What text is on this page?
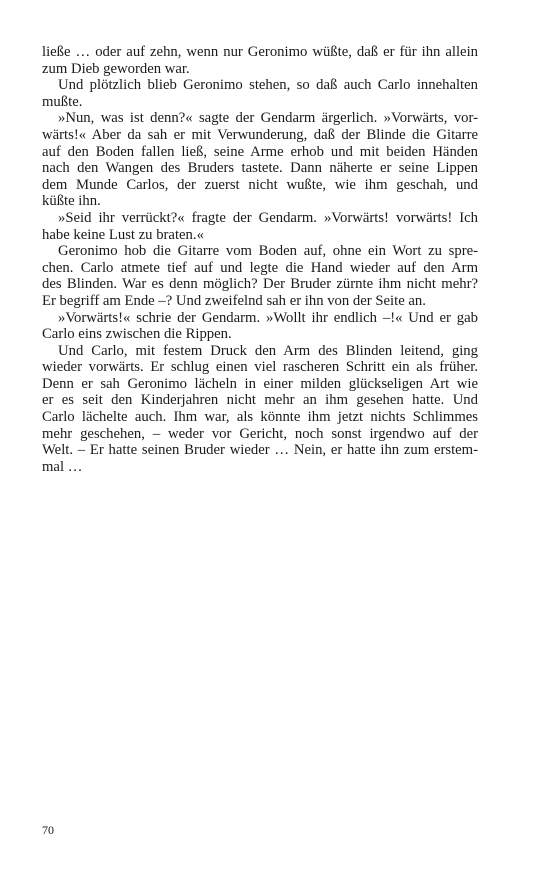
ließe … oder auf zehn, wenn nur Geronimo wüßte, daß er für ihn allein
zum Dieb geworden war.
Und plötzlich blieb Geronimo stehen, so daß auch Carlo innehalten
mußte.
»Nun, was ist denn?« sagte der Gendarm ärgerlich. »Vorwärts, vor-
wärts!« Aber da sah er mit Verwunderung, daß der Blinde die Gitarre
auf den Boden fallen ließ, seine Arme erhob und mit beiden Händen
nach den Wangen des Bruders tastete. Dann näherte er seine Lippen
dem Munde Carlos, der zuerst nicht wußte, wie ihm geschah, und
küßte ihn.
»Seid ihr verrückt?« fragte der Gendarm. »Vorwärts! vorwärts! Ich
habe keine Lust zu braten.«
Geronimo hob die Gitarre vom Boden auf, ohne ein Wort zu spre-
chen. Carlo atmete tief auf und legte die Hand wieder auf den Arm
des Blinden. War es denn möglich? Der Bruder zürnte ihm nicht mehr?
Er begriff am Ende –? Und zweifelnd sah er ihn von der Seite an.
»Vorwärts!« schrie der Gendarm. »Wollt ihr endlich –!« Und er gab
Carlo eins zwischen die Rippen.
Und Carlo, mit festem Druck den Arm des Blinden leitend, ging
wieder vorwärts. Er schlug einen viel rascheren Schritt ein als früher.
Denn er sah Geronimo lächeln in einer milden glückseligen Art wie
er es seit den Kinderjahren nicht mehr an ihm gesehen hatte. Und
Carlo lächelte auch. Ihm war, als könnte ihm jetzt nichts Schlimmes
mehr geschehen, – weder vor Gericht, noch sonst irgendwo auf der
Welt. – Er hatte seinen Bruder wieder … Nein, er hatte ihn zum erstem-
mal …
70
